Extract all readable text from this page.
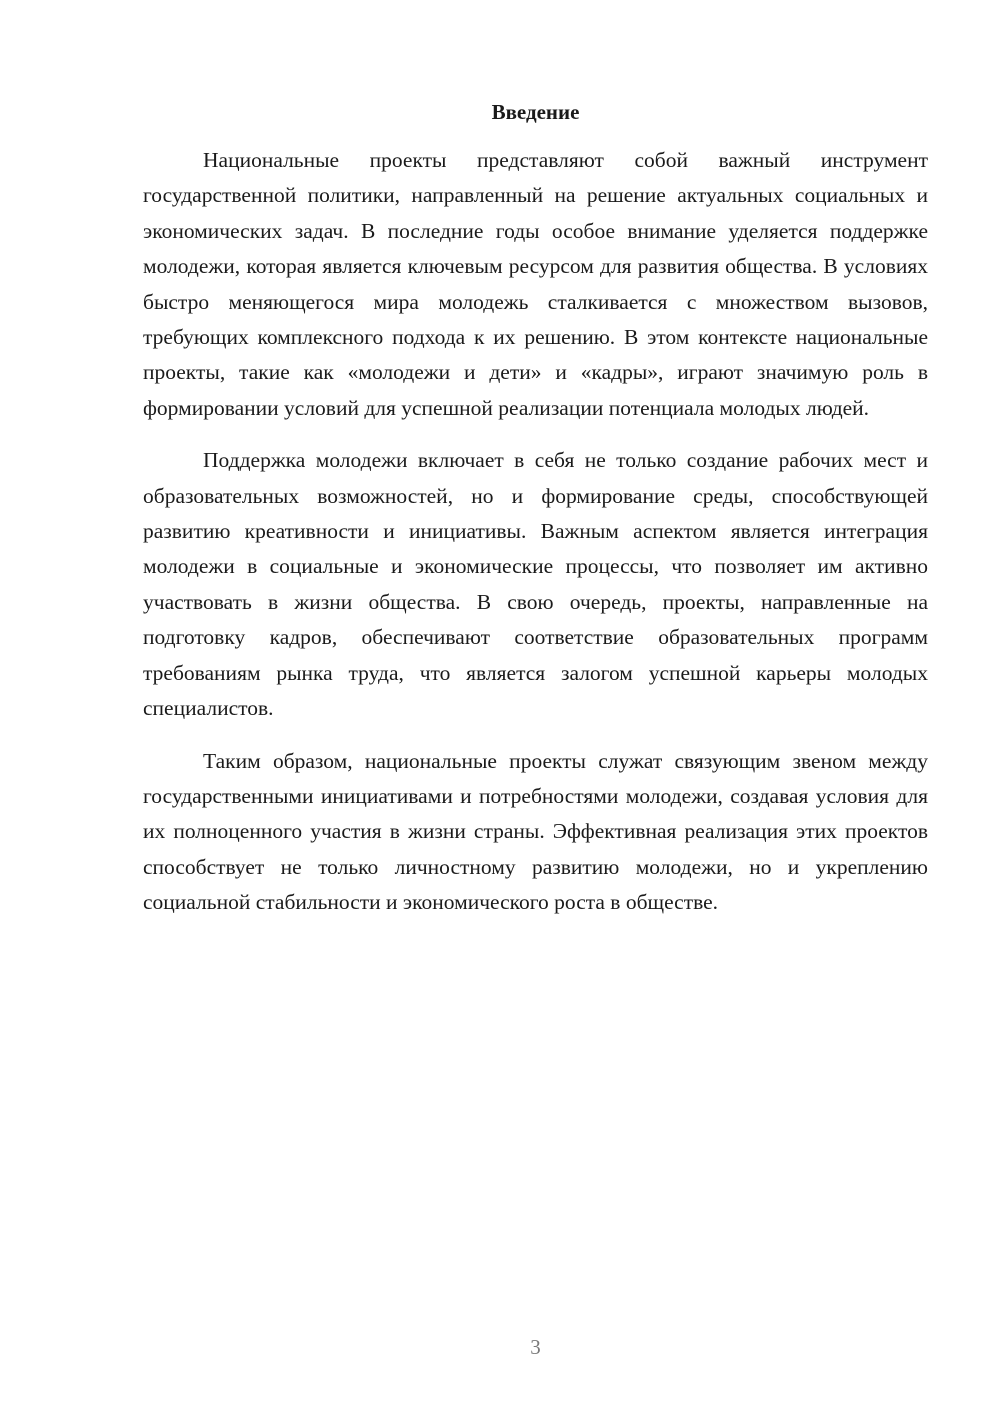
Введение

Национальные проекты представляют собой важный инструмент государственной политики, направленный на решение актуальных социальных и экономических задач. В последние годы особое внимание уделяется поддержке молодежи, которая является ключевым ресурсом для развития общества. В условиях быстро меняющегося мира молодежь сталкивается с множеством вызовов, требующих комплексного подхода к их решению. В этом контексте национальные проекты, такие как «молодежи и дети» и «кадры», играют значимую роль в формировании условий для успешной реализации потенциала молодых людей.

Поддержка молодежи включает в себя не только создание рабочих мест и образовательных возможностей, но и формирование среды, способствующей развитию креативности и инициативы. Важным аспектом является интеграция молодежи в социальные и экономические процессы, что позволяет им активно участвовать в жизни общества. В свою очередь, проекты, направленные на подготовку кадров, обеспечивают соответствие образовательных программ требованиям рынка труда, что является залогом успешной карьеры молодых специалистов.

Таким образом, национальные проекты служат связующим звеном между государственными инициативами и потребностями молодежи, создавая условия для их полноценного участия в жизни страны. Эффективная реализация этих проектов способствует не только личностному развитию молодежи, но и укреплению социальной стабильности и экономического роста в обществе.

3
